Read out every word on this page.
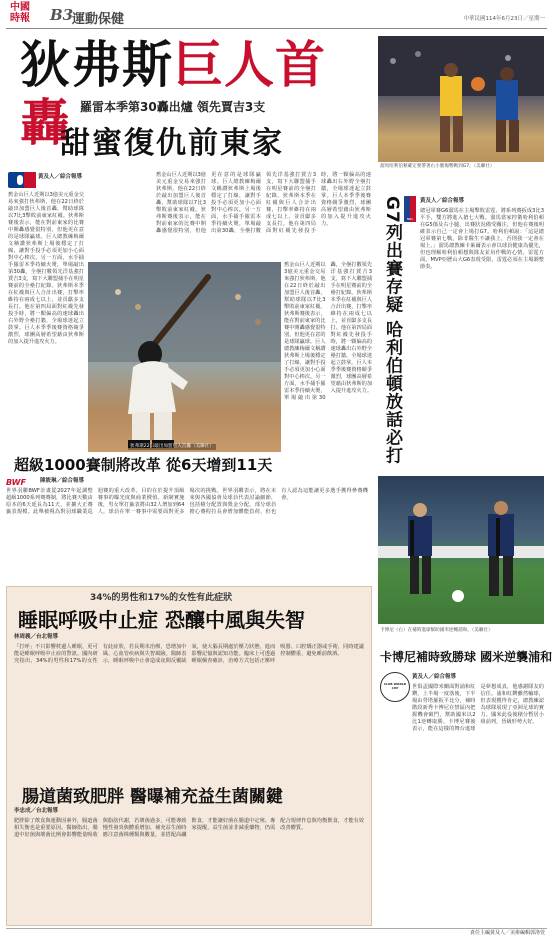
中國
時報 B3
運動保健	中華民國114年6月23日／星期一
狄弗斯巨人首轟 羅雷本季第30轟出爐 領先賈吉3支
甜蜜復仇前東家
黃及人／綜合報導
舊金山巨人近期以3億美元重金交易來強打狄弗斯，他在22日終於敲出加盟巨人後首轟，幫助球隊以7比3擊敗前東家紅襪。狄弗斯賽後表示，能在對前東家的比賽中開轟感覺很特別，但他更在意的是球隊贏球。巨人總教練梅爾文稱讚狄弗斯上場後穩定了打線，讓對手投手必須更加小心面對中心棒次。另一方面，水手捕手羅雷本季持續火燙，單場敲出第30轟，全壘打數領先洋基強打賈吉3支，寫下大聯盟捕手在明星賽前的全壘打紀錄。狄弗斯本季在紅襪與巨人合計出賽，打擊率維持在兩成七以上，並貢獻多支長打。他在第四局面對紅襪先發投手時，將一顆偏高的速球轟出右外野全壘打牆，全場球迷起立鼓掌。巨人本季季後賽資格競爭激烈，球團高層希望藉由狄弗斯的加入提升進攻火力。
舊金山巨人近期以3億美元重金交易來強打狄弗斯，他在22日終於敲出加盟巨人後首轟，幫助球隊以7比3擊敗前東家紅襪。狄弗斯賽後表示，能在對前東家的比賽中開轟感覺很特別，但他更在意的是球隊贏球。巨人總教練梅爾文稱讚狄弗斯上場後穩定了打線，讓對手投手必須更加小心面對中心棒次。另一方面，水手捕手羅雷本季持續火燙，單場敲出第30轟，全壘打數領先洋基強打賈吉3支，寫下大聯盟捕手在明星賽前的全壘打紀錄。狄弗斯本季在紅襪與巨人合計出賽，打擊率維持在兩成七以上，並貢獻多支長打。他在第四局面對紅襪先發投手時，將一顆偏高的速球轟出右外野全壘打牆，全場球迷起立鼓掌。巨人本季季後賽資格競爭激烈，球團高層希望藉由狄弗斯的加入提升進攻火力。
狄弗斯22日敲出加盟巨人首轟（美聯社）
舊金山巨人近期以3億美元重金交易來強打狄弗斯，他在22日終於敲出加盟巨人後首轟，幫助球隊以7比3擊敗前東家紅襪。狄弗斯賽後表示，能在對前東家的比賽中開轟感覺很特別，但他更在意的是球隊贏球。巨人總教練梅爾文稱讚狄弗斯上場後穩定了打線，讓對手投手必須更加小心面對中心棒次。另一方面，水手捕手羅雷本季持續火燙，單場敲出第30轟，全壘打數領先洋基強打賈吉3支，寫下大聯盟捕手在明星賽前的全壘打紀錄。狄弗斯本季在紅襪與巨人合計出賽，打擊率維持在兩成七以上，並貢獻多支長打。他在第四局面對紅襪先發投手時，將一顆偏高的速球轟出右外野全壘打牆，全場球迷起立鼓掌。巨人本季季後賽資格競爭激烈，球團高層希望藉由狄弗斯的加入提升進攻火力。
超級1000賽制將改革 從6天增到11天
BWF	陳筱琳／綜合報導
世界羽聯BWF計畫從2027年起調整超級1000系列賽賽制，將比賽天數由原本的6天延長為11天，並擴大正賽籤表規模。此舉被視為對羽球職業巡迴賽的重大改革，目的在於提升頂級賽事的曝光度與商業價值。新制實施後，男女單打籤表將由32人增加到64人，球員在單一賽事中需要面對更多場次的挑戰。世界羽聯表示，將在未來與各國協會及球員代表討論細節，包括積分配置與獎金分配。部分球員擔心賽程拉長會增加體能負荷，但也有人認為這能讓更多選手獲得參賽機會。
溜馬哈利伯頓確定要帶著右小腿傷勢戰到G7。（美聯社）
G7列出賽存疑 哈利伯頓放話必打	NBA
黃及人／綜合報導
總冠軍賽G6溜馬在主場擊敗雷霆，將系列賽扳成3比3平手，雙方將進入搶七大戰。溜馬當家控衛哈利伯頓在G5傷及右小腿，出賽狀況備受關注，但他在賽後明確表示自己一定會上場打G7。哈利伯頓說：「這是總冠軍賽第七戰，除非醫生不讓我上，否則我一定會在場上。」溜馬總教練卡萊爾表示會以球員健康為優先，但也理解哈利伯頓想與隊友並肩作戰的心情。雷霆方面，MVP亞歷山大G6表現受限，雷霆必須在主場調整節奏。
卡博尼（右）在補時進球幫助國米逆轉浦和。（美聯社）
卡博尼補時致勝球 國米逆襲浦和
CLUB WORLD CUP
黃及人／綜合報導
世俱盃國際米蘭面對浦和紅鑽，上半場一度落後，下半場由勞塔羅扳平比分，補時階段新秀卡博尼在禁區內把握機會破門，幫助國米以2比1逆轉取勝。卡博尼賽後表示，能在這樣的舞台進球是夢想成真，他感謝隊友的信任。浦和紅鑽雖然輸球，但表現獲得肯定，總教練認為球隊展現了亞洲足球的實力。國米此役後積分暫居小組前列，晉級形勢大好。
34%的男性和17%的女性有此症狀
睡眠呼吸中止症 恐釀中風與失智
林周義／台北報導
「打呼」不只影響枕邊人睡眠，更可能是睡眠呼吸中止症的警訊。國內研究指出，34%的男性和17%的女性有此症狀，若長期未治療，恐增加中風、心血管疾病與失智風險。醫師表示，睡眠呼吸中止會造成夜間反覆缺氧，使大腦長期處於壓力狀態，進而影響記憶與認知功能。臨床上可透過睡眠檢查確診，治療方式包括正壓呼吸器、口腔矯正器或手術，同時建議控制體重、避免睡前飲酒。
腸道菌致肥胖 醫曝補充益生菌關鍵
李忠成／台北報導
肥胖除了飲食與運動因素外，腸道菌相失衡也是重要原因。醫師指出，腸道中好菌與壞菌比例會影響能量吸收與脂肪代謝，若壞菌過多，可能導致慢性發炎與體重增加。補充益生菌時應注意菌株種類與數量，並搭配高纖飲食，才能讓好菌在腸道中定殖。專家提醒，益生菌並非減重藥物，仍需配合規律作息與均衡飲食，才能有效改善體質。
責任主編黃及人／美術編輯郭洛萱
